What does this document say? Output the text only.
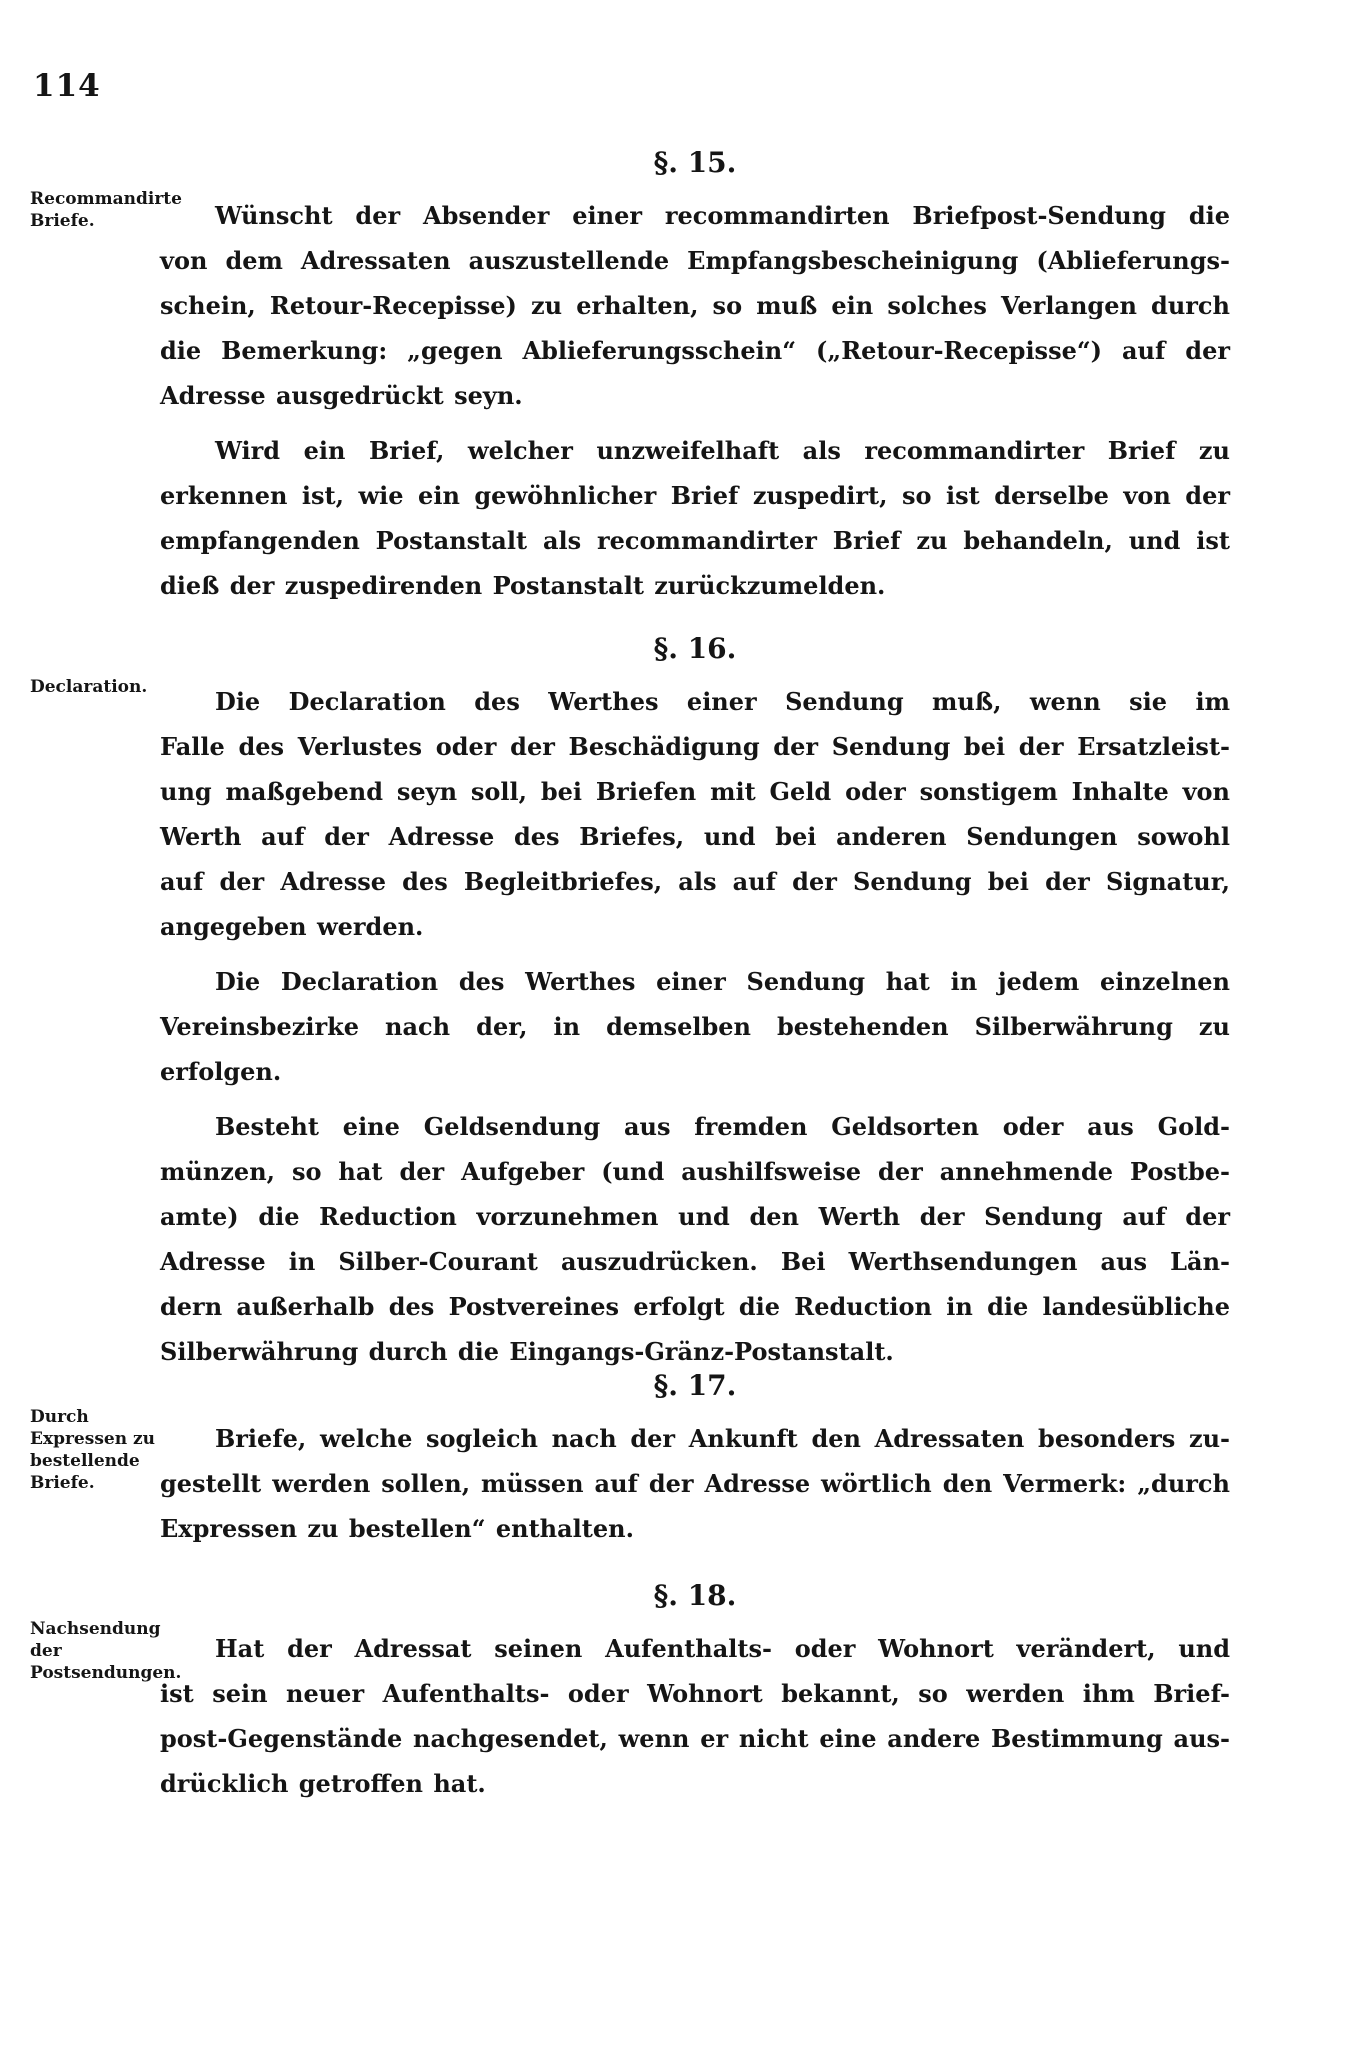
114
Recommandirte Briefe.
Declaration.
Durch Expressen zu bestellende Briefe.
Nachsendung der Postsendungen.
§. 15.
Wünscht der Absender einer recommandirten Briefpost-Sendung die
von dem Adressaten auszustellende Empfangsbescheinigung (Ablieferungs-
schein, Retour-Recepisse) zu erhalten, so muß ein solches Verlangen durch
die Bemerkung: „gegen Ablieferungsschein“ („Retour-Recepisse“) auf der
Adresse ausgedrückt seyn.
Wird ein Brief, welcher unzweifelhaft als recommandirter Brief zu
erkennen ist, wie ein gewöhnlicher Brief zuspedirt, so ist derselbe von der
empfangenden Postanstalt als recommandirter Brief zu behandeln, und ist
dieß der zuspedirenden Postanstalt zurückzumelden.
§. 16.
Die Declaration des Werthes einer Sendung muß, wenn sie im
Falle des Verlustes oder der Beschädigung der Sendung bei der Ersatzleist-
ung maßgebend seyn soll, bei Briefen mit Geld oder sonstigem Inhalte von
Werth auf der Adresse des Briefes, und bei anderen Sendungen sowohl
auf der Adresse des Begleitbriefes, als auf der Sendung bei der Signatur,
angegeben werden.
Die Declaration des Werthes einer Sendung hat in jedem einzelnen
Vereinsbezirke nach der, in demselben bestehenden Silberwährung zu erfolgen.
Besteht eine Geldsendung aus fremden Geldsorten oder aus Gold-
münzen, so hat der Aufgeber (und aushilfsweise der annehmende Postbe-
amte) die Reduction vorzunehmen und den Werth der Sendung auf der
Adresse in Silber-Courant auszudrücken. Bei Werthsendungen aus Län-
dern außerhalb des Postvereines erfolgt die Reduction in die landesübliche
Silberwährung durch die Eingangs-Gränz-Postanstalt.
§. 17.
Briefe, welche sogleich nach der Ankunft den Adressaten besonders zu-
gestellt werden sollen, müssen auf der Adresse wörtlich den Vermerk: „durch
Expressen zu bestellen“ enthalten.
§. 18.
Hat der Adressat seinen Aufenthalts- oder Wohnort verändert, und
ist sein neuer Aufenthalts- oder Wohnort bekannt, so werden ihm Brief-
post-Gegenstände nachgesendet, wenn er nicht eine andere Bestimmung aus-
drücklich getroffen hat.
